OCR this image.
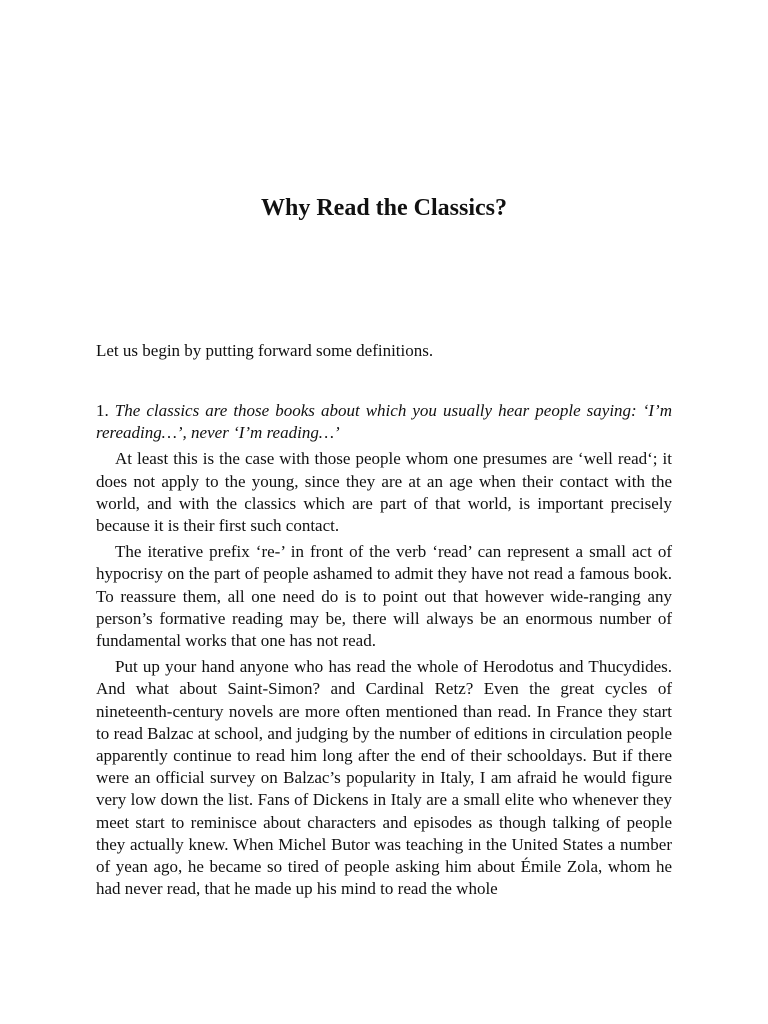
Why Read the Classics?

Let us begin by putting forward some definitions.

1. The classics are those books about which you usually hear people saying: ‘I’m rereading…’, never ‘I’m reading…’

At least this is the case with those people whom one presumes are ‘well read‘; it does not apply to the young, since they are at an age when their contact with the world, and with the classics which are part of that world, is important precisely because it is their first such contact.

The iterative prefix ‘re-’ in front of the verb ‘read’ can represent a small act of hypocrisy on the part of people ashamed to admit they have not read a famous book. To reassure them, all one need do is to point out that however wide-ranging any person’s formative reading may be, there will always be an enormous number of fundamental works that one has not read.

Put up your hand anyone who has read the whole of Herodotus and Thucydides. And what about Saint-Simon? and Cardinal Retz? Even the great cycles of nineteenth-century novels are more often mentioned than read. In France they start to read Balzac at school, and judging by the number of editions in circulation people apparently continue to read him long after the end of their schooldays. But if there were an official survey on Balzac’s popularity in Italy, I am afraid he would figure very low down the list. Fans of Dickens in Italy are a small elite who whenever they meet start to reminisce about characters and episodes as though talking of people they actually knew. When Michel Butor was teaching in the United States a number of yean ago, he became so tired of people asking him about Émile Zola, whom he had never read, that he made up his mind to read the whole
